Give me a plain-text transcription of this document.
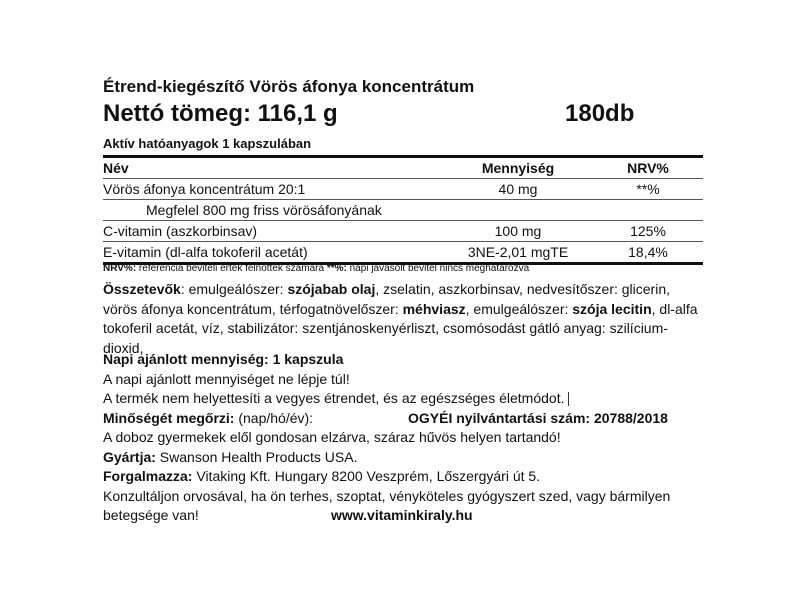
Étrend-kiegészítő Vörös áfonya koncentrátum
Nettó tömeg: 116,1 g	180db
Aktív hatóanyagok 1 kapszulában
Név	Mennyiség	NRV%
Vörös áfonya koncentrátum 20:1	40 mg	**%
Megfelel 800 mg friss vörösáfonyának
C-vitamin (aszkorbinsav)	100 mg	125%
E-vitamin (dl-alfa tokoferil acetát)	3NE-2,01 mgTE	18,4%
NRV%: referencia beviteli érték felnőttek számára **%: napi javasolt bevitel nincs meghatározva
Összetevők: emulgeálószer: szójabab olaj, zselatin, aszkorbinsav, nedvesítőszer: glicerin, vörös áfonya koncentrátum, térfogatnövelőszer: méhviasz, emulgeálószer: szója lecitin, dl-alfa tokoferil acetát, víz, stabilizátor: szentjánoskenyérliszt, csomósodást gátló anyag: szilícium-dioxid,
Napi ajánlott mennyiség: 1 kapszula
A napi ajánlott mennyiséget ne lépje túl!
A termék nem helyettesíti a vegyes étrendet, és az egészséges életmódot.
Minőségét megőrzi: (nap/hó/év):	OGYÉI nyilvántartási szám: 20788/2018
A doboz gyermekek elől gondosan elzárva, száraz hűvös helyen tartandó!
Gyártja: Swanson Health Products USA.
Forgalmazza: Vitaking Kft. Hungary 8200 Veszprém, Lőszergyári út 5.
Konzultáljon orvosával, ha ön terhes, szoptat, vényköteles gyógyszert szed, vagy bármilyen
betegsége van!	www.vitaminkiraly.hu
